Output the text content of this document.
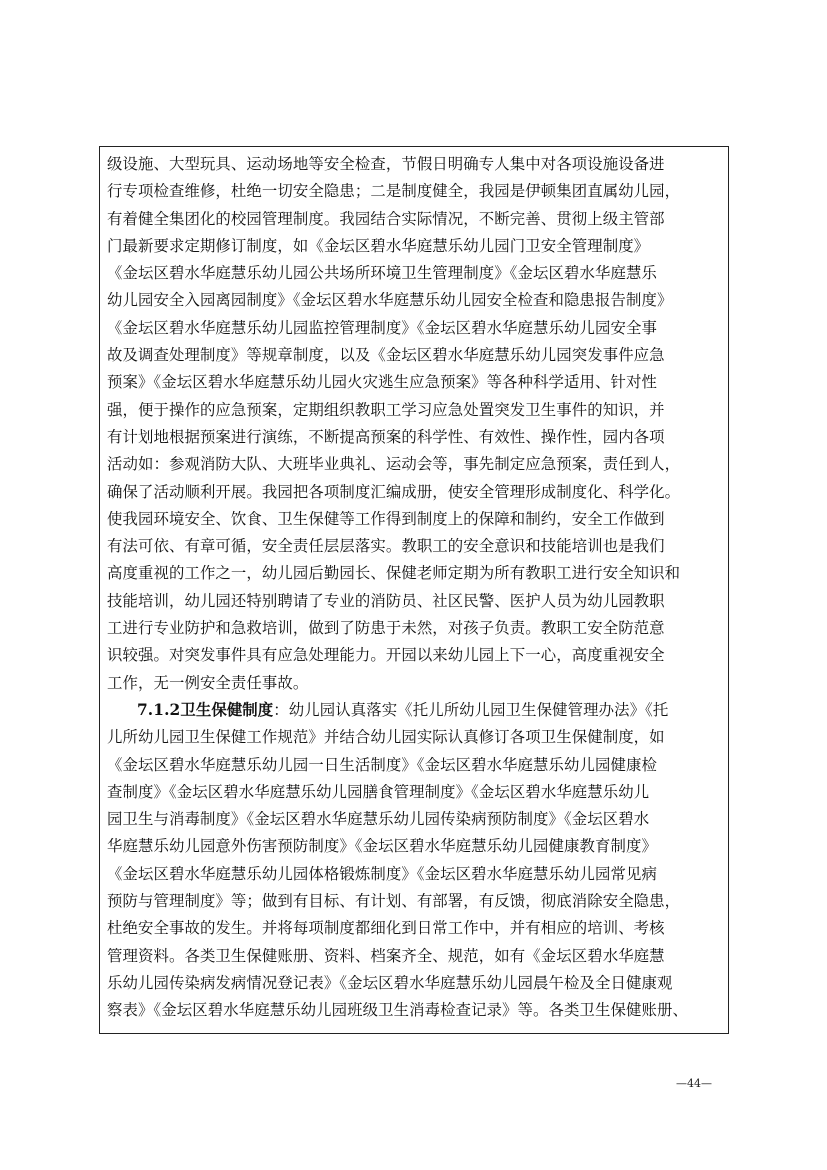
级设施、大型玩具、运动场地等安全检查，节假日明确专人集中对各项设施设备进
行专项检查维修，杜绝一切安全隐患；二是制度健全，我园是伊顿集团直属幼儿园，
有着健全集团化的校园管理制度。我园结合实际情况，不断完善、贯彻上级主管部
门最新要求定期修订制度，如《金坛区碧水华庭慧乐幼儿园门卫安全管理制度》
《金坛区碧水华庭慧乐幼儿园公共场所环境卫生管理制度》《金坛区碧水华庭慧乐
幼儿园安全入园离园制度》《金坛区碧水华庭慧乐幼儿园安全检查和隐患报告制度》
《金坛区碧水华庭慧乐幼儿园监控管理制度》《金坛区碧水华庭慧乐幼儿园安全事
故及调查处理制度》等规章制度，以及《金坛区碧水华庭慧乐幼儿园突发事件应急
预案》《金坛区碧水华庭慧乐幼儿园火灾逃生应急预案》等各种科学适用、针对性
强，便于操作的应急预案，定期组织教职工学习应急处置突发卫生事件的知识，并
有计划地根据预案进行演练，不断提高预案的科学性、有效性、操作性，园内各项
活动如：参观消防大队、大班毕业典礼、运动会等，事先制定应急预案，责任到人，
确保了活动顺利开展。我园把各项制度汇编成册，使安全管理形成制度化、科学化。
使我园环境安全、饮食、卫生保健等工作得到制度上的保障和制约，安全工作做到
有法可依、有章可循，安全责任层层落实。教职工的安全意识和技能培训也是我们
高度重视的工作之一，幼儿园后勤园长、保健老师定期为所有教职工进行安全知识和
技能培训，幼儿园还特别聘请了专业的消防员、社区民警、医护人员为幼儿园教职
工进行专业防护和急救培训，做到了防患于未然，对孩子负责。教职工安全防范意
识较强。对突发事件具有应急处理能力。开园以来幼儿园上下一心，高度重视安全
工作，无一例安全责任事故。
7.1.2卫生保健制度：幼儿园认真落实《托儿所幼儿园卫生保健管理办法》《托
儿所幼儿园卫生保健工作规范》并结合幼儿园实际认真修订各项卫生保健制度，如
《金坛区碧水华庭慧乐幼儿园一日生活制度》《金坛区碧水华庭慧乐幼儿园健康检
查制度》《金坛区碧水华庭慧乐幼儿园膳食管理制度》《金坛区碧水华庭慧乐幼儿
园卫生与消毒制度》《金坛区碧水华庭慧乐幼儿园传染病预防制度》《金坛区碧水
华庭慧乐幼儿园意外伤害预防制度》《金坛区碧水华庭慧乐幼儿园健康教育制度》
《金坛区碧水华庭慧乐幼儿园体格锻炼制度》《金坛区碧水华庭慧乐幼儿园常见病
预防与管理制度》等；做到有目标、有计划、有部署，有反馈，彻底消除安全隐患，
杜绝安全事故的发生。并将每项制度都细化到日常工作中，并有相应的培训、考核
管理资料。各类卫生保健账册、资料、档案齐全、规范，如有《金坛区碧水华庭慧
乐幼儿园传染病发病情况登记表》《金坛区碧水华庭慧乐幼儿园晨午检及全日健康观
察表》《金坛区碧水华庭慧乐幼儿园班级卫生消毒检查记录》等。各类卫生保健账册、
—44—
